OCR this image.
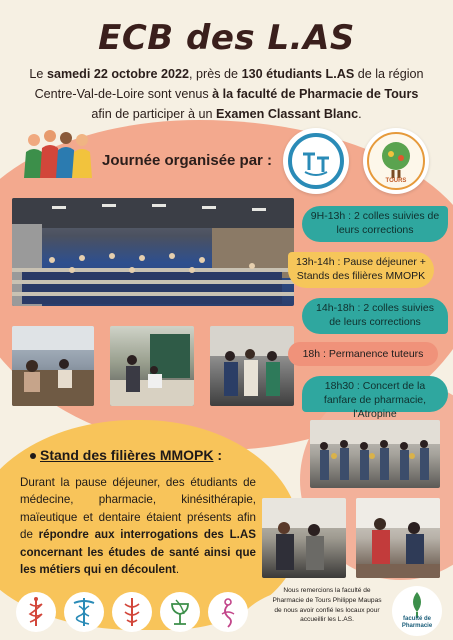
ECB des L.AS

Le samedi 22 octobre 2022, près de 130 étudiants L.AS de la région Centre-Val-de-Loire sont venus à la faculté de Pharmacie de Tours afin de participer à un Examen Classant Blanc.

Journée organisée par :
TOURS
9H-13h : 2 colles suivies de leurs corrections
13h-14h : Pause déjeuner + Stands des filières MMOPK
14h-18h : 2 colles suivies de leurs corrections
18h : Permanence tuteurs
18h30 : Concert de la fanfare de pharmacie, l'Atropine
Stand des filières MMOPK :

Durant la pause déjeuner, des étudiants de médecine, pharmacie, kinésithérapie, maïeutique et dentaire étaient présents afin de répondre aux interrogations des L.AS concernant les études de santé ainsi que les métiers qui en découlent.

Nous remercions la faculté de Pharmacie de Tours Philippe Maupas de nous avoir confié les locaux pour accueillir les L.AS.	faculté de
Pharmacie
